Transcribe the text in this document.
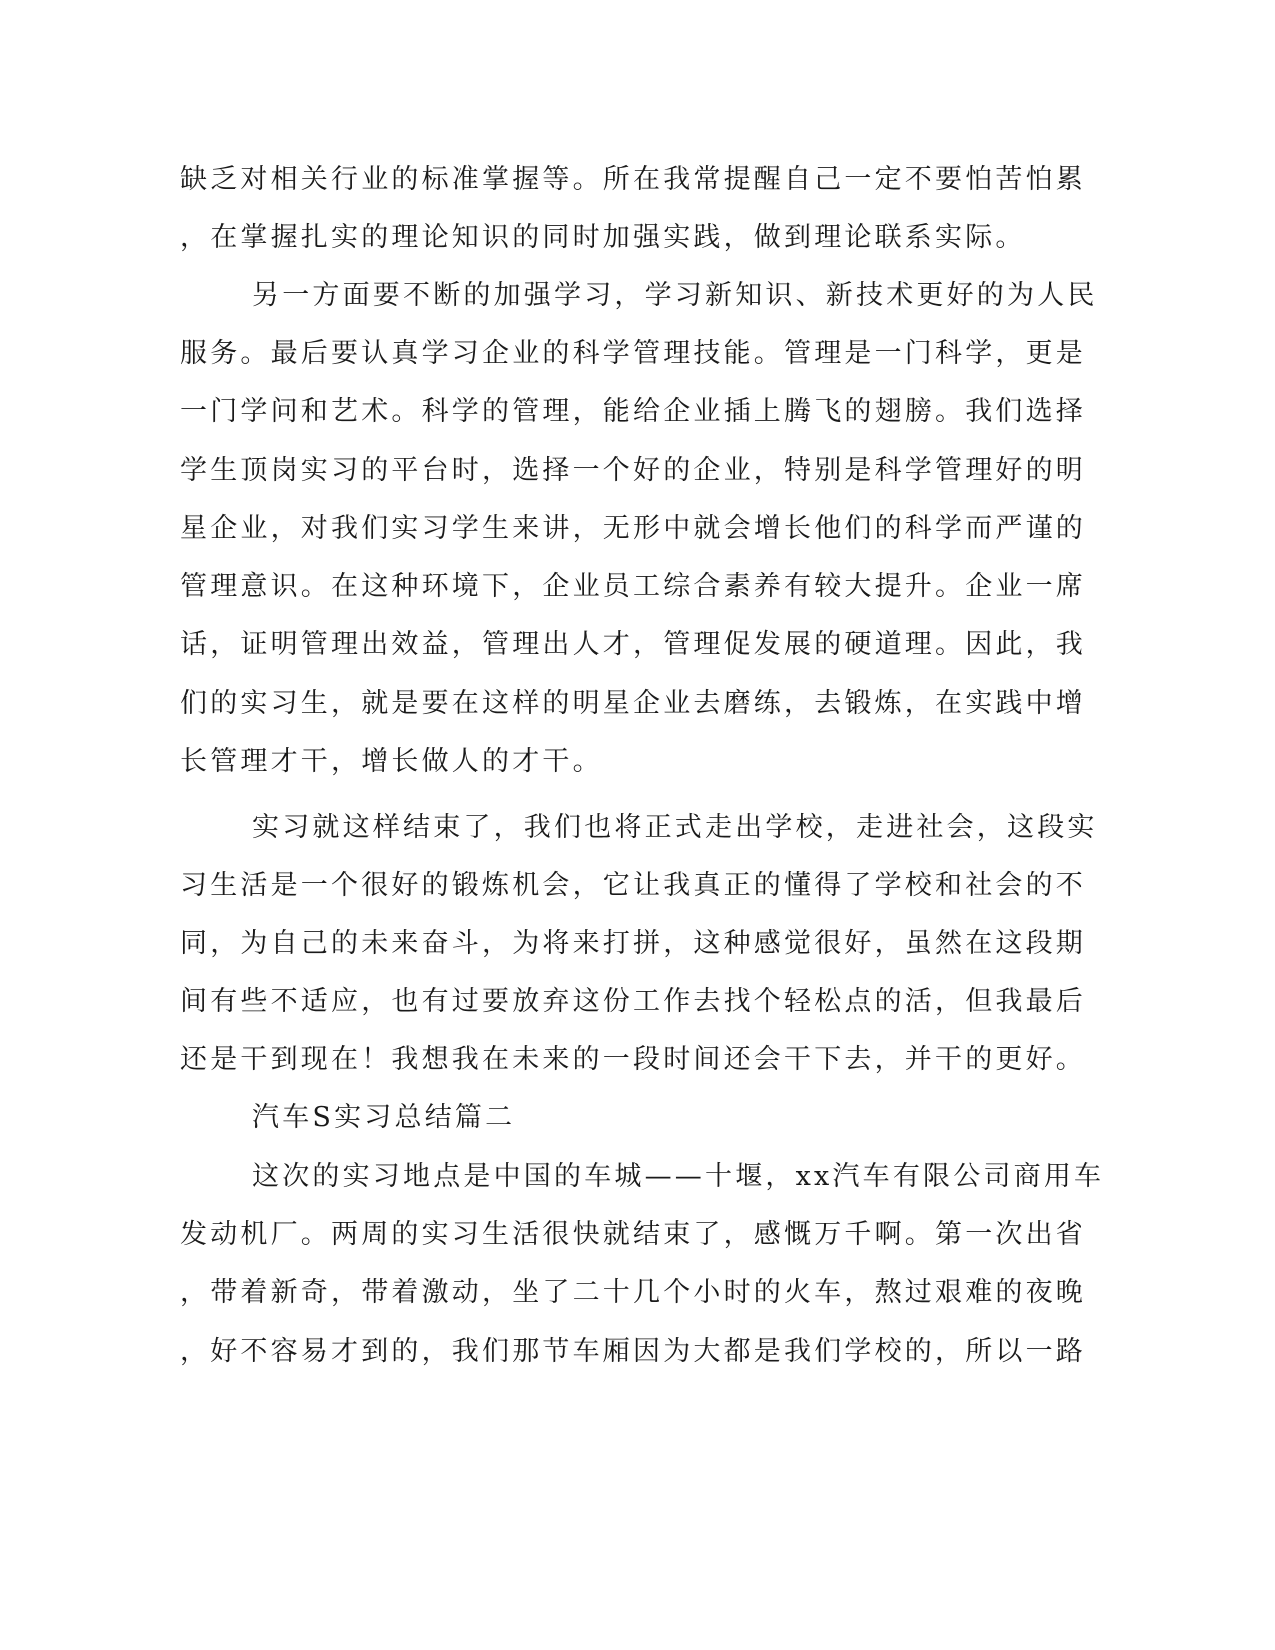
缺乏对相关行业的标准掌握等。所在我常提醒自己一定不要怕苦怕累

，在掌握扎实的理论知识的同时加强实践，做到理论联系实际。

另一方面要不断的加强学习，学习新知识、新技术更好的为人民

服务。最后要认真学习企业的科学管理技能。管理是一门科学，更是

一门学问和艺术。科学的管理，能给企业插上腾飞的翅膀。我们选择

学生顶岗实习的平台时，选择一个好的企业，特别是科学管理好的明

星企业，对我们实习学生来讲，无形中就会增长他们的科学而严谨的

管理意识。在这种环境下，企业员工综合素养有较大提升。企业一席

话，证明管理出效益，管理出人才，管理促发展的硬道理。因此，我

们的实习生，就是要在这样的明星企业去磨练，去锻炼，在实践中增

长管理才干，增长做人的才干。

实习就这样结束了，我们也将正式走出学校，走进社会，这段实

习生活是一个很好的锻炼机会，它让我真正的懂得了学校和社会的不

同，为自己的未来奋斗，为将来打拼，这种感觉很好，虽然在这段期

间有些不适应，也有过要放弃这份工作去找个轻松点的活，但我最后

还是干到现在！我想我在未来的一段时间还会干下去，并干的更好。

汽车S实习总结篇二

这次的实习地点是中国的车城——十堰，xx汽车有限公司商用车

发动机厂。两周的实习生活很快就结束了，感慨万千啊。第一次出省

，带着新奇，带着激动，坐了二十几个小时的火车，熬过艰难的夜晚

，好不容易才到的，我们那节车厢因为大都是我们学校的，所以一路
